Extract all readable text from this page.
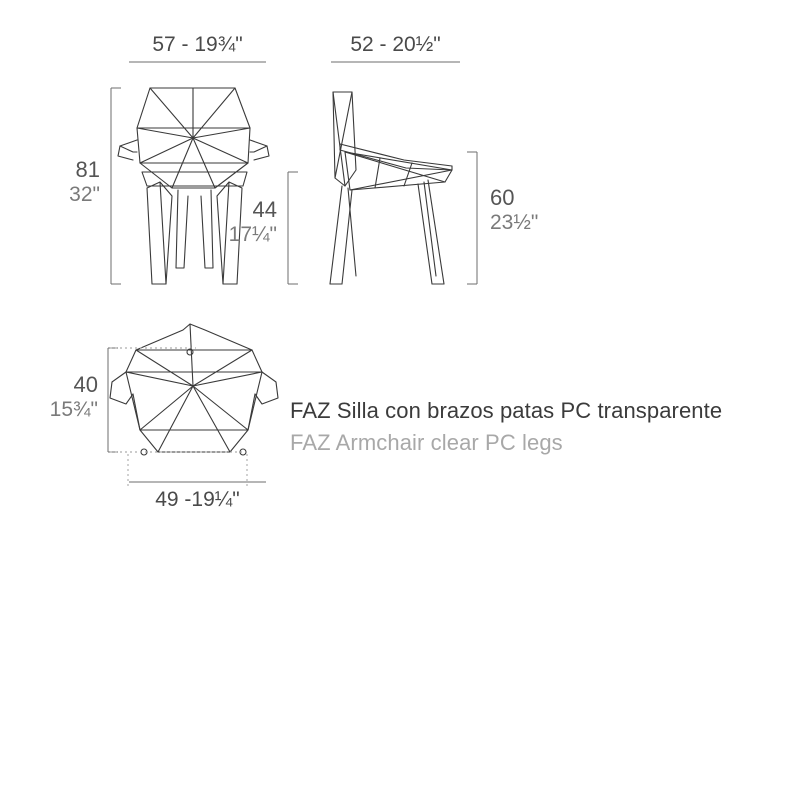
57 - 19¾"	52 - 20½"
81
32"
44
17¼"
60
23½"
40
15¾"
49 -19¼"
FAZ Silla con brazos patas PC transparente
FAZ Armchair clear PC legs
